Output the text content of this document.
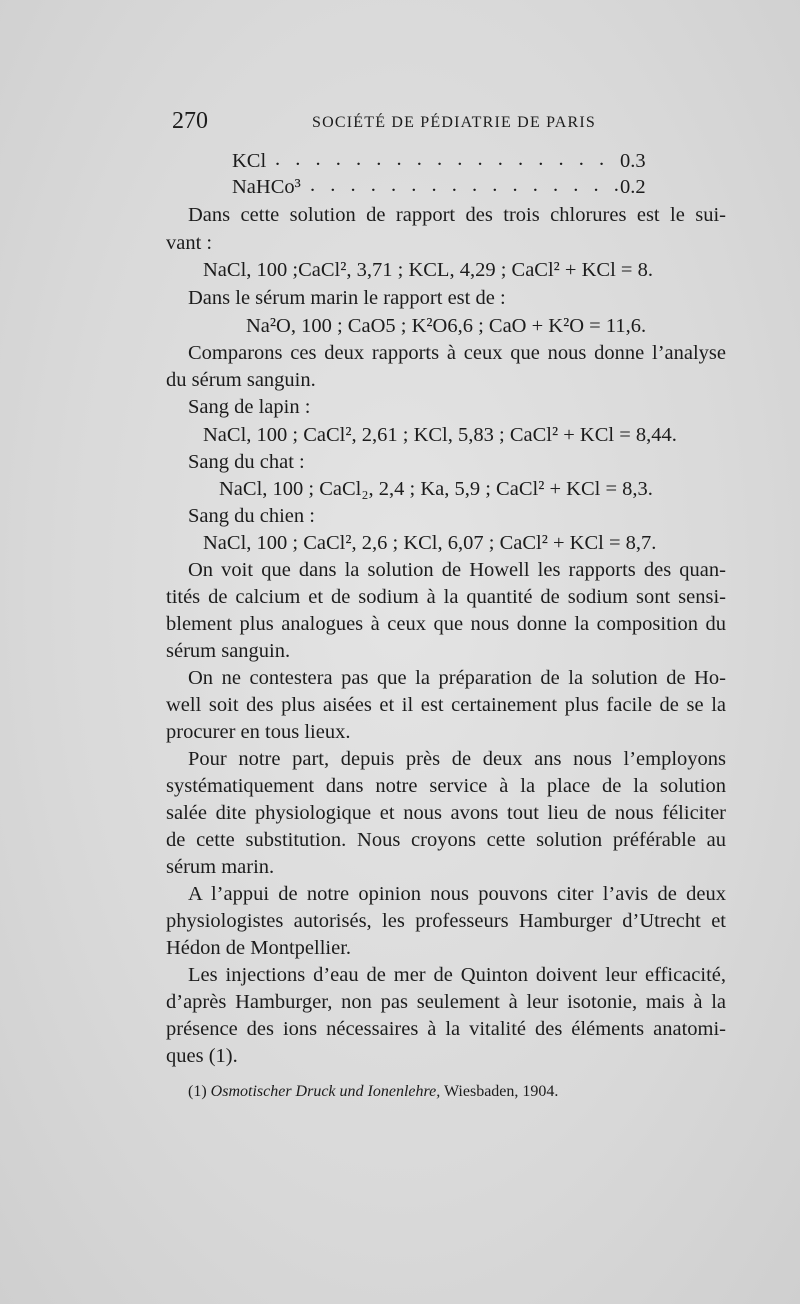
270	SOCIÉTÉ DE PÉDIATRIE DE PARIS
KCl . . . . . . . . . . . . . . . . . 0.3
NaHCo³ . . . . . . . . . . . . . . . .
0.2
Dans cette solution de rapport des trois chlorures est le sui-
vant :
NaCl, 100 ;CaCl², 3,71 ; KCL, 4,29 ; CaCl² + KCl = 8.
Dans le sérum marin le rapport est de :
Na²O, 100 ; CaO5 ; K²O6,6 ; CaO + K²O = 11,6.
Comparons ces deux rapports à ceux que nous donne l’analyse
du sérum sanguin.
Sang de lapin :
NaCl, 100 ; CaCl², 2,61 ; KCl, 5,83 ; CaCl² + KCl = 8,44.
Sang du chat :
NaCl, 100 ; CaCl₂, 2,4 ; Ka, 5,9 ; CaCl² + KCl = 8,3.
Sang du chien :
NaCl, 100 ; CaCl², 2,6 ; KCl, 6,07 ; CaCl² + KCl = 8,7.
On voit que dans la solution de Howell les rapports des quan-
tités de calcium et de sodium à la quantité de sodium sont sensi-
blement plus analogues à ceux que nous donne la composition du
sérum sanguin.
On ne contestera pas que la préparation de la solution de Ho-
well soit des plus aisées et il est certainement plus facile de se la
procurer en tous lieux.
Pour notre part, depuis près de deux ans nous l’employons
systématiquement dans notre service à la place de la solution
salée dite physiologique et nous avons tout lieu de nous féliciter
de cette substitution. Nous croyons cette solution préférable au
sérum marin.
A l’appui de notre opinion nous pouvons citer l’avis de deux
physiologistes autorisés, les professeurs Hamburger d’Utrecht et
Hédon de Montpellier.
Les injections d’eau de mer de Quinton doivent leur efficacité,
d’après Hamburger, non pas seulement à leur isotonie, mais à la
présence des ions nécessaires à la vitalité des éléments anatomi-
ques (1).
(1) Osmotischer Druck und Ionenlehre, Wiesbaden, 1904.
